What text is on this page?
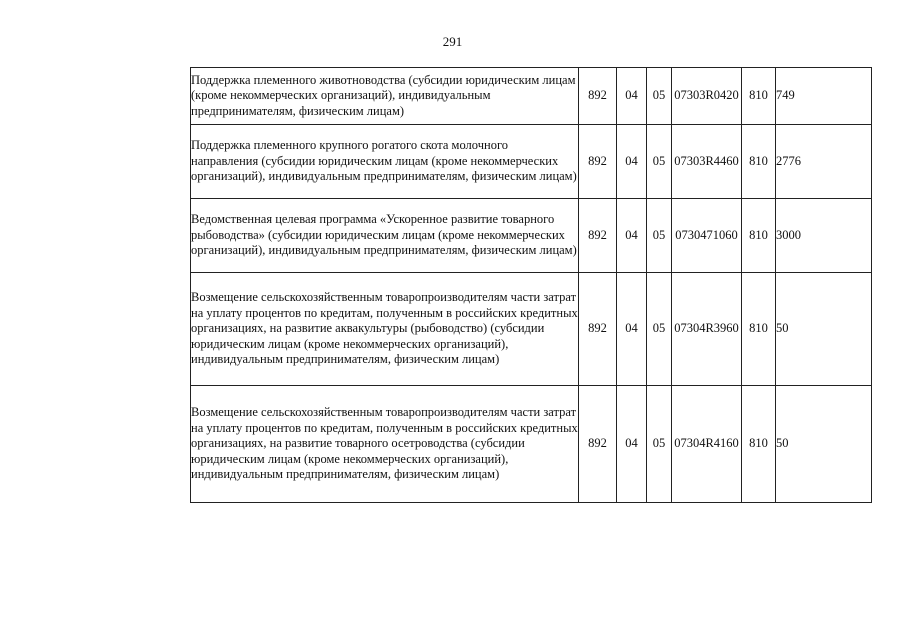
291
Поддержка племенного животноводства (субсидии юридическим лицам (кроме некоммерческих организаций), индивидуальным предпринимателям, физическим лицам)	892	04	05	07303R0420	810	749
Поддержка племенного крупного рогатого скота молочного направления (субсидии юридическим лицам (кроме некоммерческих организаций), индивидуальным предпринимателям, физическим лицам)	892	04	05	07303R4460	810	2776
Ведомственная целевая программа «Ускоренное развитие товарного рыбоводства» (субсидии юридическим лицам (кроме некоммерческих организаций), индивидуальным предпринимателям, физическим лицам)	892	04	05	0730471060	810	3000
Возмещение сельскохозяйственным товаропроизводителям части затрат на уплату процентов по кредитам, полученным в российских кредитных организациях, на развитие аквакультуры (рыбоводство) (субсидии юридическим лицам (кроме некоммерческих организаций), индивидуальным предпринимателям, физическим лицам)	892	04	05	07304R3960	810	50
Возмещение сельскохозяйственным товаропроизводителям части затрат на уплату процентов по кредитам, полученным в российских кредитных организациях, на развитие товарного осетроводства (субсидии юридическим лицам (кроме некоммерческих организаций), индивидуальным предпринимателям, физическим лицам)	892	04	05	07304R4160	810	50
